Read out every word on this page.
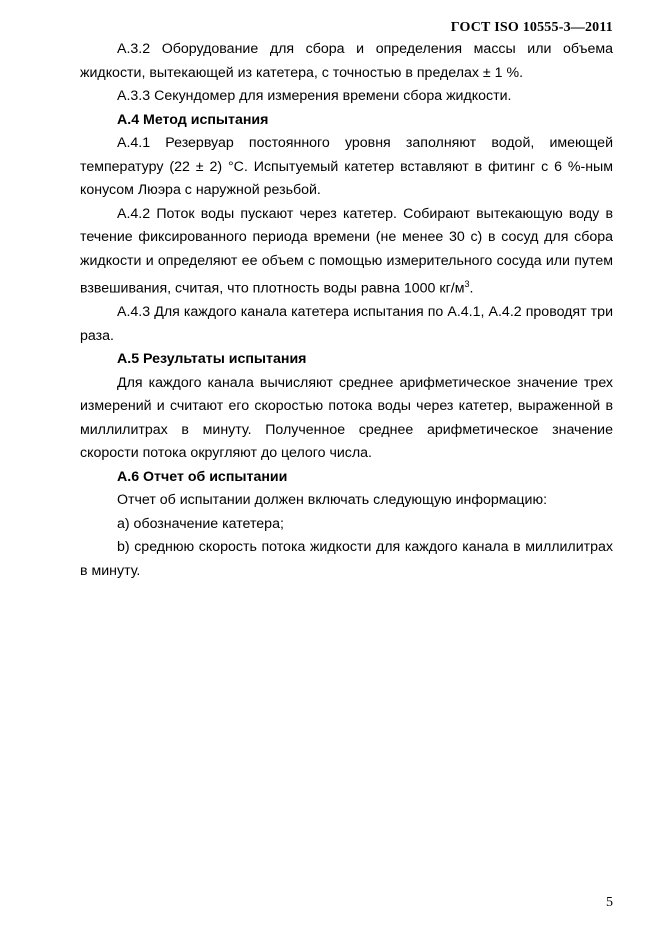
ГОСТ ISO 10555-3—2011

А.3.2 Оборудование для сбора и определения массы или объема жидкости, вытекающей из катетера, с точностью в пределах ± 1 %.

А.3.3 Секундомер для измерения времени сбора жидкости.

А.4 Метод испытания

А.4.1 Резервуар постоянного уровня заполняют водой, имеющей температуру (22 ± 2) °С. Испытуемый катетер вставляют в фитинг с 6 %-ным конусом Люэра с наружной резьбой.

А.4.2 Поток воды пускают через катетер. Собирают вытекающую воду в течение фиксированного периода времени (не менее 30 с) в сосуд для сбора жидкости и определяют ее объем с помощью измерительного сосуда или путем взвешивания, считая, что плотность воды равна 1000 $кг/м^3$.

А.4.3 Для каждого канала катетера испытания по А.4.1, А.4.2 проводят три раза.

А.5 Результаты испытания

Для каждого канала вычисляют среднее арифметическое значение трех измерений и считают его скоростью потока воды через катетер, выраженной в миллилитрах в минуту. Полученное среднее арифметическое значение скорости потока округляют до целого числа.

А.6 Отчет об испытании

Отчет об испытании должен включать следующую информацию:

а) обозначение катетера;

b) среднюю скорость потока жидкости для каждого канала в миллилитрах в минуту.

5
